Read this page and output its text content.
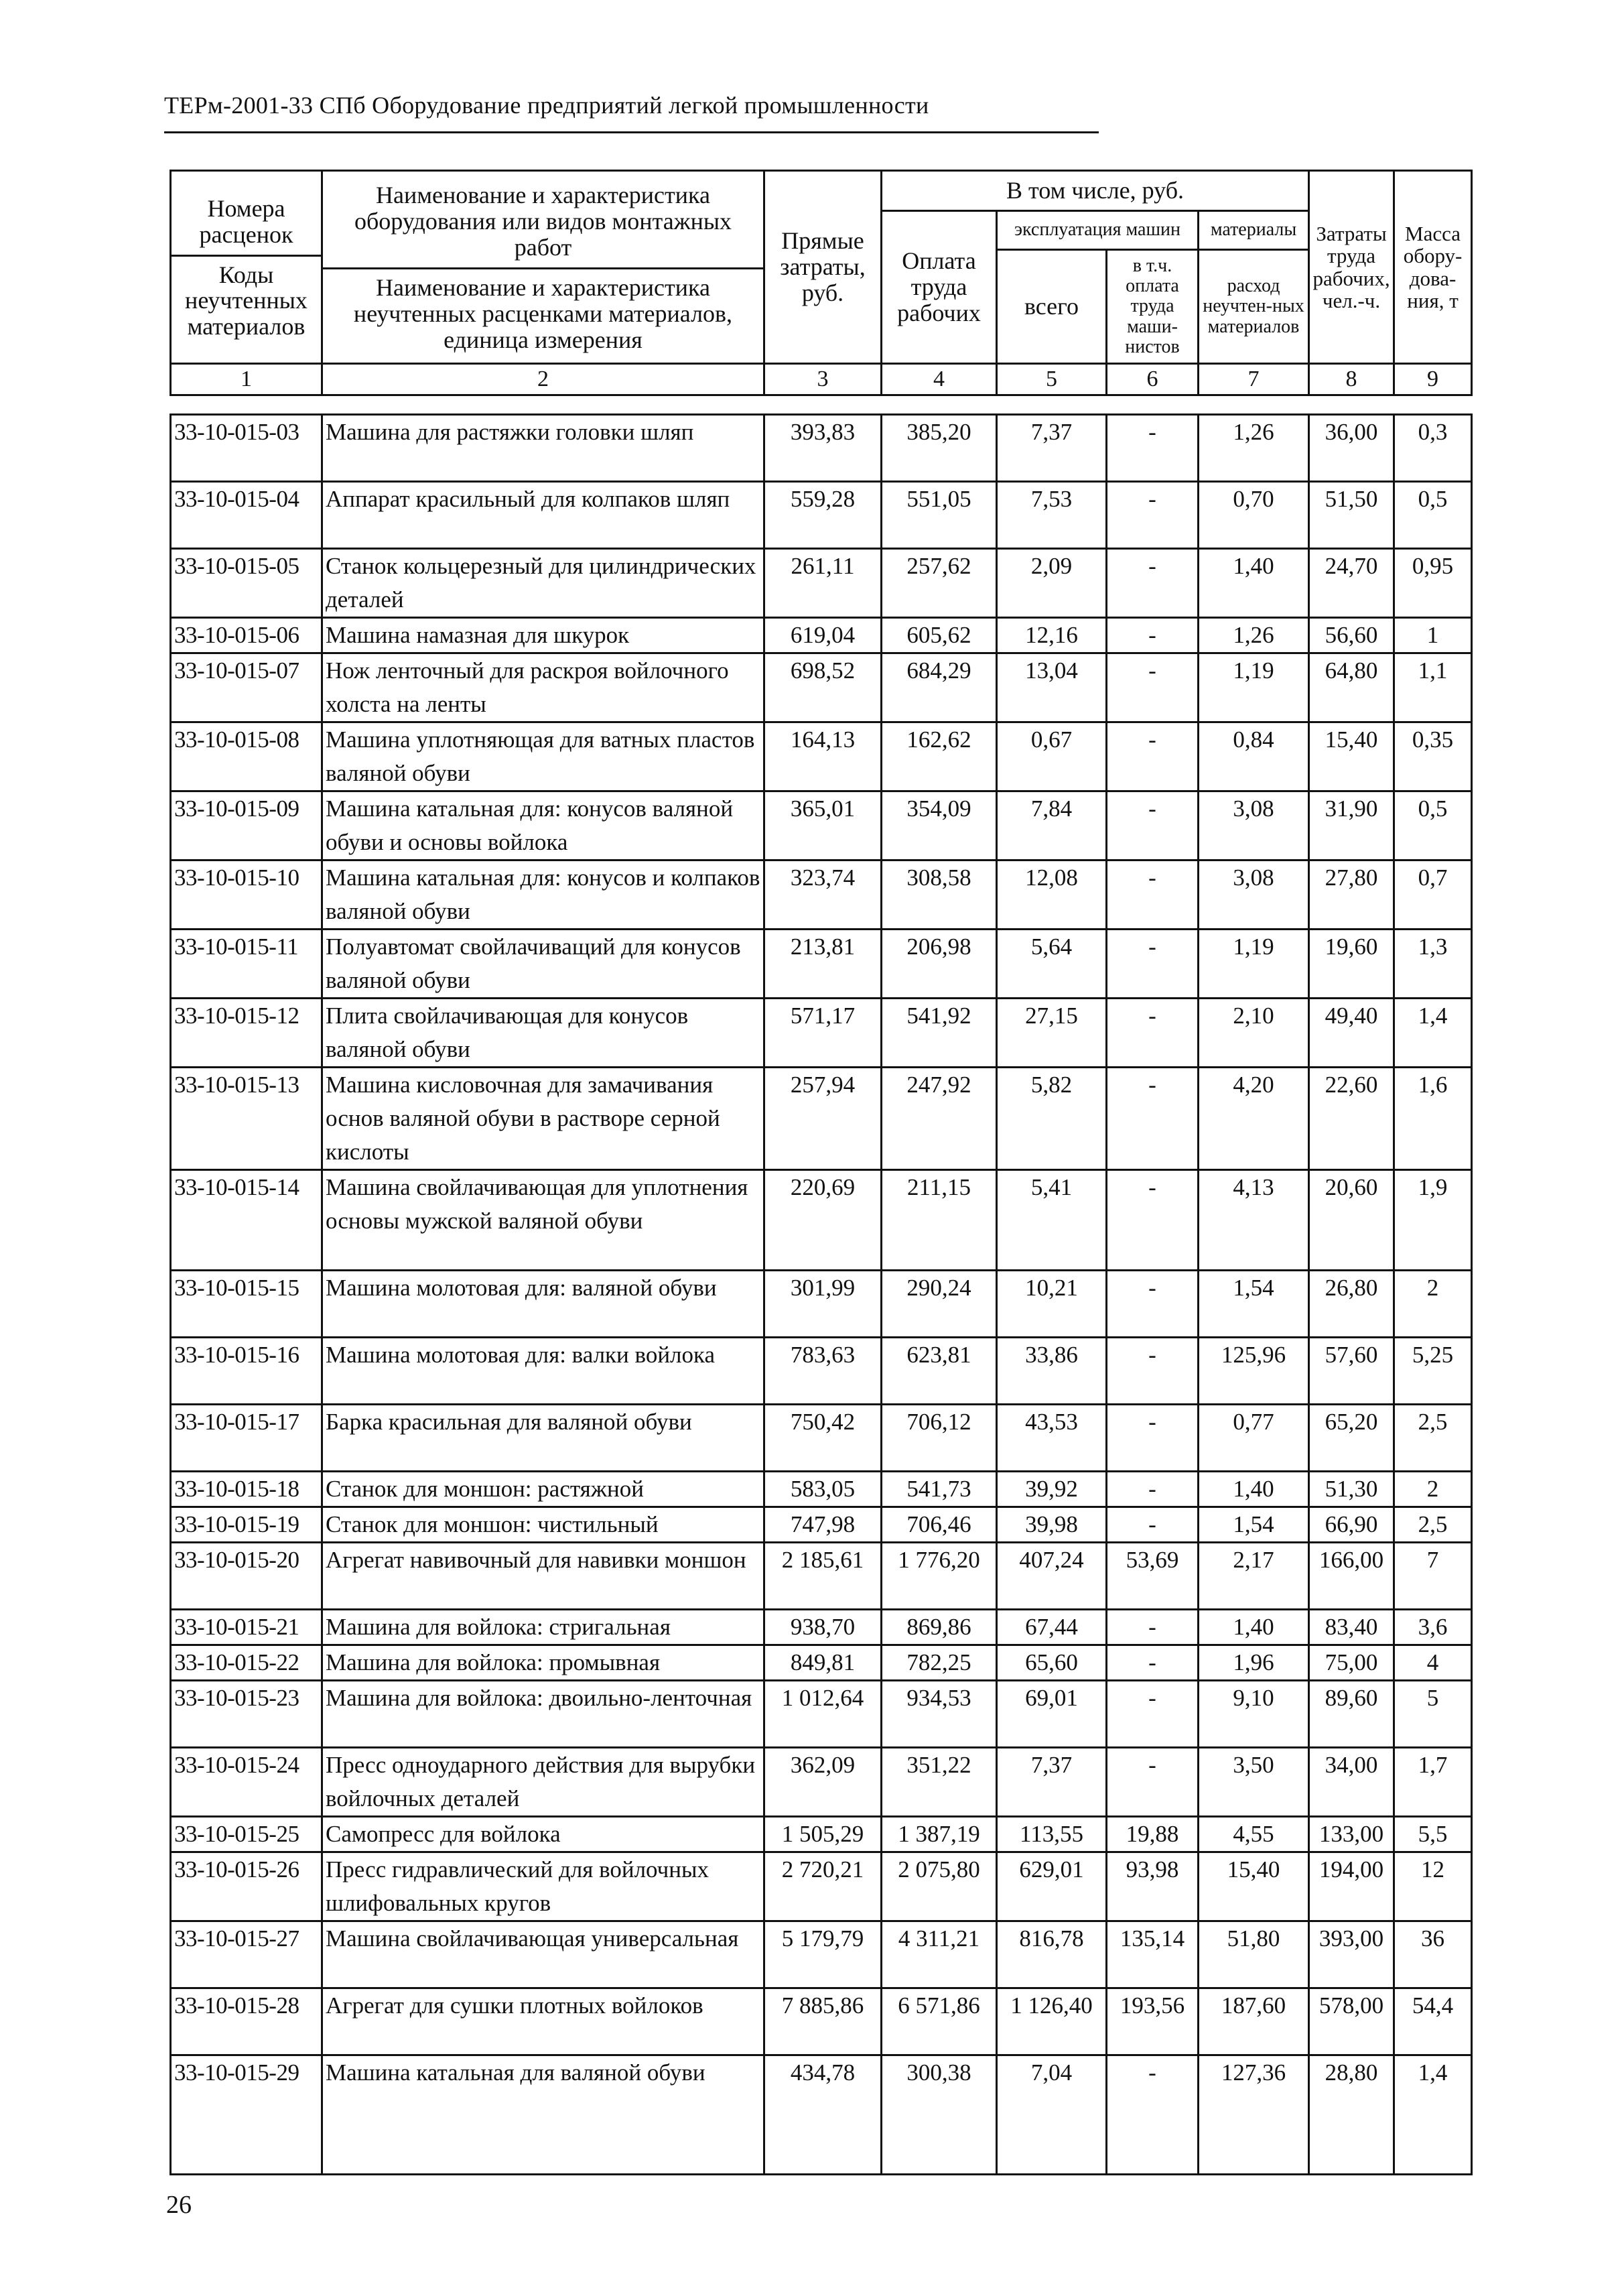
ТЕРм-2001-33 СПб Оборудование предприятий легкой промышленности
Номера расценок
Коды неучтенных материалов	Наименование и характеристика оборудования или видов монтажных работ
Наименование и характеристика неучтенных расценками материалов, единица измерения	Прямые затраты, руб.	В том числе, руб.				Затраты труда рабочих, чел.-ч.	Масса обору-дова-ния, т
			Оплата труда рабочих	эксплуатация машин		материалы		
				всего	в т.ч. оплата труда маши-нистов	расход неучтен-ных материалов		
1	2	3	4	5	6	7	8	9
33-10-015-03	Машина для растяжки головки шляп	393,83	385,20	7,37	-	1,26	36,00	0,3
33-10-015-04	Аппарат красильный для колпаков шляп	559,28	551,05	7,53	-	0,70	51,50	0,5
33-10-015-05	Станок кольцерезный для цилиндрических деталей	261,11	257,62	2,09	-	1,40	24,70	0,95
33-10-015-06	Машина намазная для шкурок	619,04	605,62	12,16	-	1,26	56,60	1
33-10-015-07	Нож ленточный для раскроя войлочного холста на ленты	698,52	684,29	13,04	-	1,19	64,80	1,1
33-10-015-08	Машина уплотняющая для ватных пластов валяной обуви	164,13	162,62	0,67	-	0,84	15,40	0,35
33-10-015-09	Машина катальная для: конусов валяной обуви и основы войлока	365,01	354,09	7,84	-	3,08	31,90	0,5
33-10-015-10	Машина катальная для: конусов и колпаков валяной обуви	323,74	308,58	12,08	-	3,08	27,80	0,7
33-10-015-11	Полуавтомат свойлачиващий для конусов валяной обуви	213,81	206,98	5,64	-	1,19	19,60	1,3
33-10-015-12	Плита свойлачивающая для конусов валяной обуви	571,17	541,92	27,15	-	2,10	49,40	1,4
33-10-015-13	Машина кисловочная для замачивания основ валяной обуви в растворе серной кислоты	257,94	247,92	5,82	-	4,20	22,60	1,6
33-10-015-14	Машина свойлачивающая для уплотнения основы мужской валяной обуви	220,69	211,15	5,41	-	4,13	20,60	1,9
33-10-015-15	Машина молотовая для: валяной обуви	301,99	290,24	10,21	-	1,54	26,80	2
33-10-015-16	Машина молотовая для: валки войлока	783,63	623,81	33,86	-	125,96	57,60	5,25
33-10-015-17	Барка красильная для валяной обуви	750,42	706,12	43,53	-	0,77	65,20	2,5
33-10-015-18	Станок для моншон: растяжной	583,05	541,73	39,92	-	1,40	51,30	2
33-10-015-19	Станок для моншон: чистильный	747,98	706,46	39,98	-	1,54	66,90	2,5
33-10-015-20	Агрегат навивочный для навивки моншон	2 185,61	1 776,20	407,24	53,69	2,17	166,00	7
33-10-015-21	Машина для войлока: стригальная	938,70	869,86	67,44	-	1,40	83,40	3,6
33-10-015-22	Машина для войлока: промывная	849,81	782,25	65,60	-	1,96	75,00	4
33-10-015-23	Машина для войлока: двоильно-ленточная	1 012,64	934,53	69,01	-	9,10	89,60	5
33-10-015-24	Пресс одноударного действия для вырубки войлочных деталей	362,09	351,22	7,37	-	3,50	34,00	1,7
33-10-015-25	Самопресс для войлока	1 505,29	1 387,19	113,55	19,88	4,55	133,00	5,5
33-10-015-26	Пресс гидравлический для войлочных шлифовальных кругов	2 720,21	2 075,80	629,01	93,98	15,40	194,00	12
33-10-015-27	Машина свойлачивающая универсальная	5 179,79	4 311,21	816,78	135,14	51,80	393,00	36
33-10-015-28	Агрегат для сушки плотных войлоков	7 885,86	6 571,86	1 126,40	193,56	187,60	578,00	54,4
33-10-015-29	Машина катальная для валяной обуви	434,78	300,38	7,04	-	127,36	28,80	1,4
26
